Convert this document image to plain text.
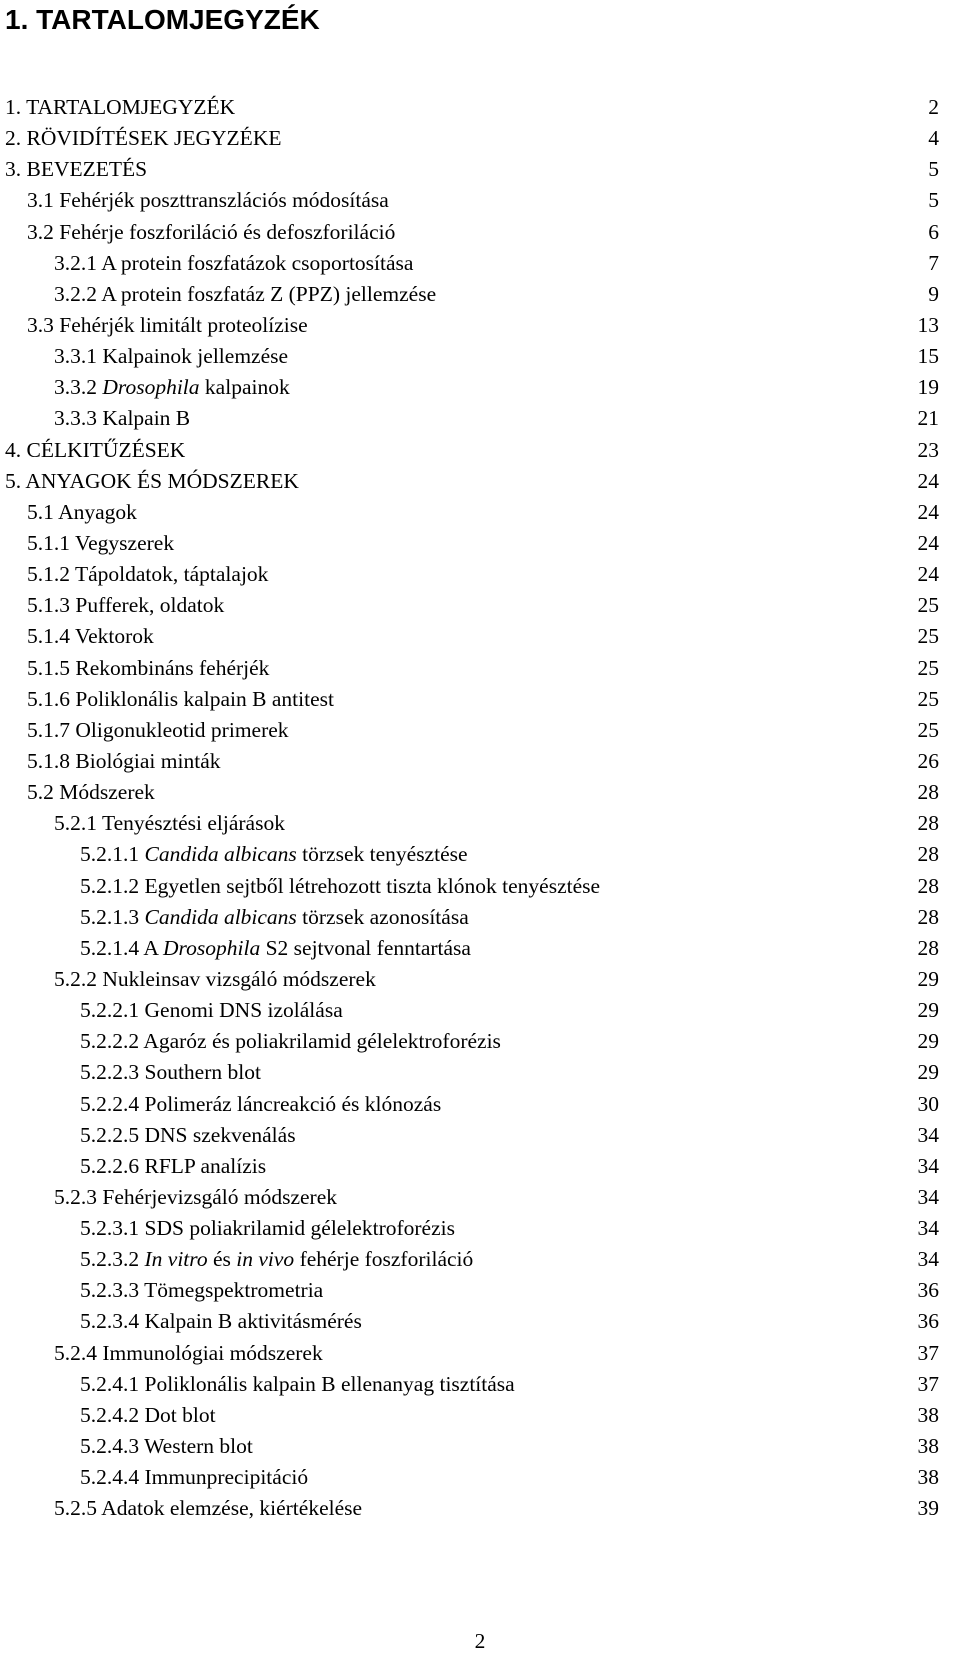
1. TARTALOMJEGYZÉK
1. TARTALOMJEGYZÉK	2
2. RÖVIDÍTÉSEK JEGYZÉKE	4
3. BEVEZETÉS	5
3.1 Fehérjék poszttranszlációs módosítása	5
3.2 Fehérje foszforiláció és defoszforiláció	6
3.2.1 A protein foszfatázok csoportosítása	7
3.2.2 A protein foszfatáz Z (PPZ) jellemzése	9
3.3 Fehérjék limitált proteolízise	13
3.3.1 Kalpainok jellemzése	15
3.3.2 Drosophila kalpainok	19
3.3.3 Kalpain B	21
4. CÉLKITŰZÉSEK	23
5. ANYAGOK ÉS MÓDSZEREK	24
5.1 Anyagok	24
5.1.1 Vegyszerek	24
5.1.2 Tápoldatok, táptalajok	24
5.1.3 Pufferek, oldatok	25
5.1.4 Vektorok	25
5.1.5 Rekombináns fehérjék	25
5.1.6 Poliklonális kalpain B antitest	25
5.1.7 Oligonukleotid primerek	25
5.1.8 Biológiai minták	26
5.2 Módszerek	28
5.2.1 Tenyésztési eljárások	28
5.2.1.1 Candida albicans törzsek tenyésztése	28
5.2.1.2 Egyetlen sejtből létrehozott tiszta klónok tenyésztése	28
5.2.1.3 Candida albicans törzsek azonosítása	28
5.2.1.4 A Drosophila S2 sejtvonal fenntartása	28
5.2.2 Nukleinsav vizsgáló módszerek	29
5.2.2.1 Genomi DNS izolálása	29
5.2.2.2 Agaróz és poliakrilamid gélelektroforézis	29
5.2.2.3 Southern blot	29
5.2.2.4 Polimeráz láncreakció és klónozás	30
5.2.2.5 DNS szekvenálás	34
5.2.2.6 RFLP analízis	34
5.2.3 Fehérjevizsgáló módszerek	34
5.2.3.1 SDS poliakrilamid gélelektroforézis	34
5.2.3.2 In vitro és in vivo fehérje foszforiláció	34
5.2.3.3 Tömegspektrometria	36
5.2.3.4 Kalpain B aktivitásmérés	36
5.2.4 Immunológiai módszerek	37
5.2.4.1 Poliklonális kalpain B ellenanyag tisztítása	37
5.2.4.2 Dot blot	38
5.2.4.3 Western blot	38
5.2.4.4 Immunprecipitáció	38
5.2.5 Adatok elemzése, kiértékelése	39
2
